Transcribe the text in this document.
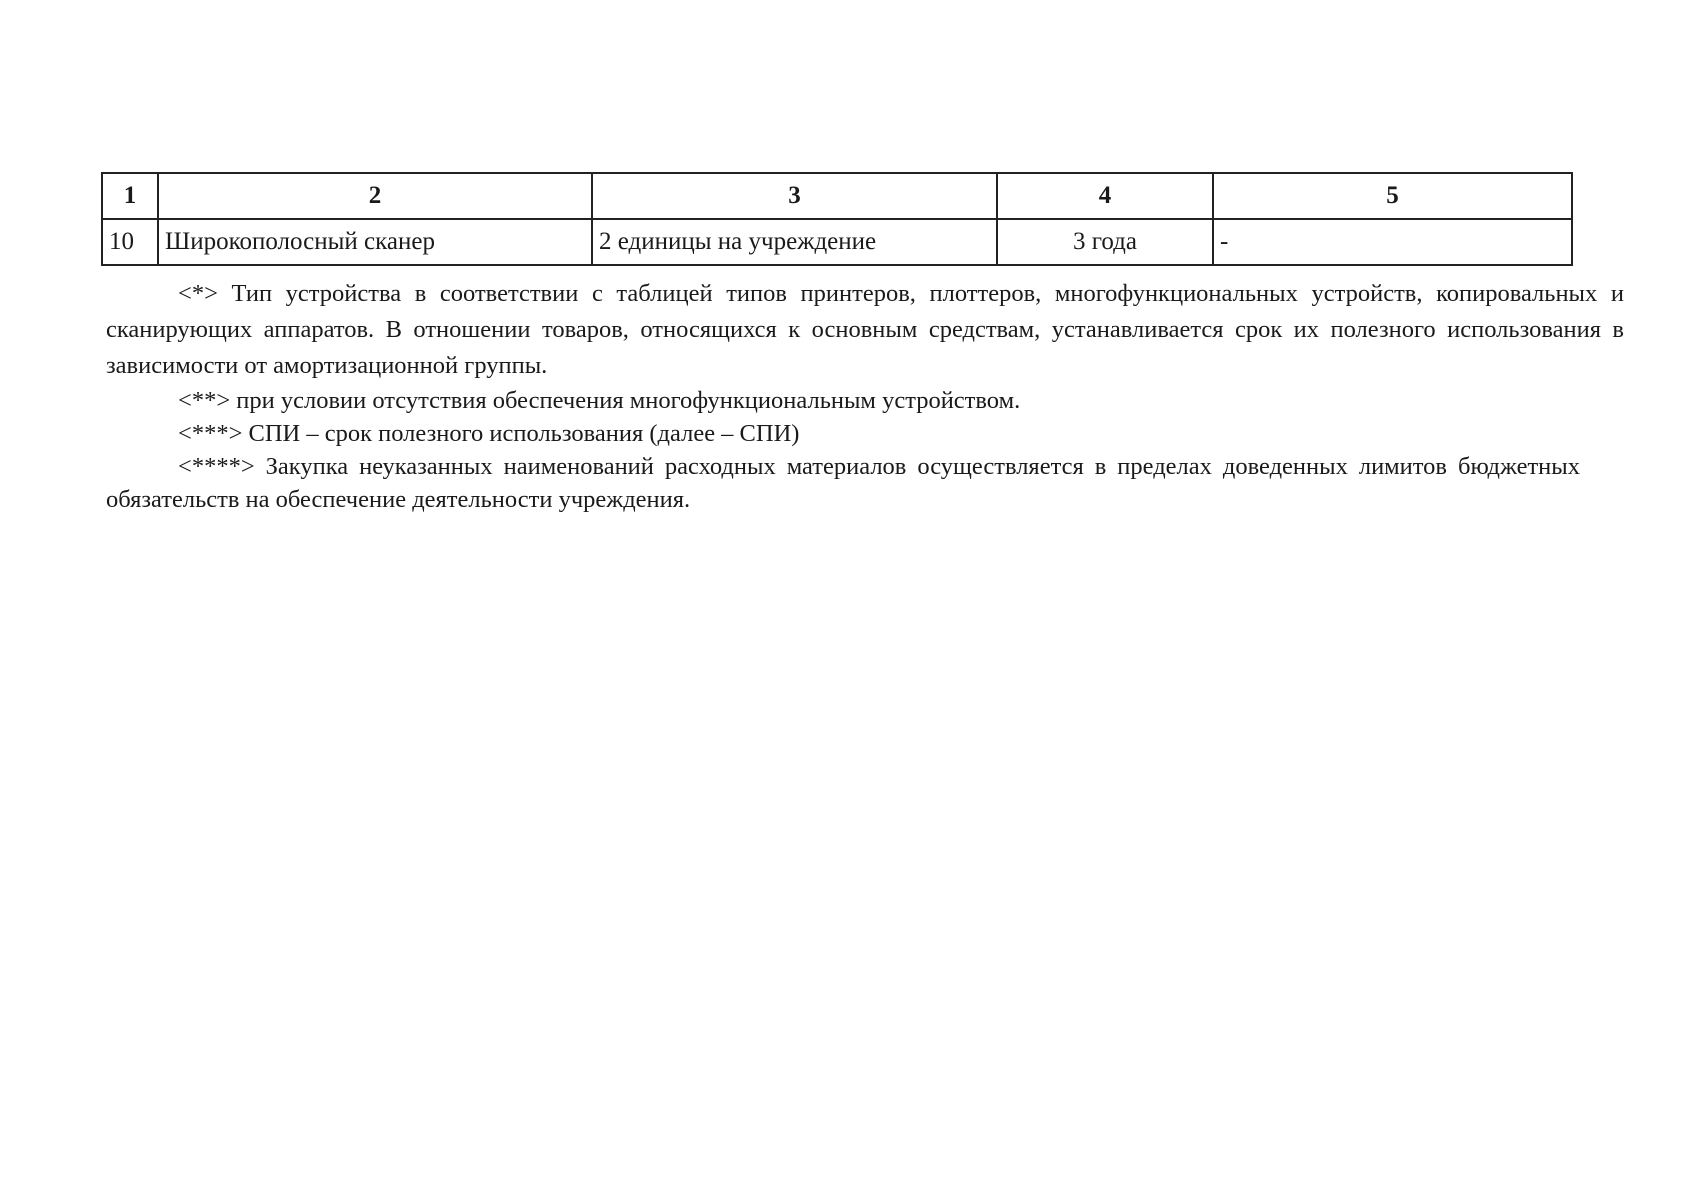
1	2	3	4	5
10	Широкополосный сканер	2 единицы на учреждение	3 года	-

<*> Тип устройства в соответствии с таблицей типов принтеров, плоттеров, многофункциональных устройств, копировальных и сканирующих аппаратов. В отношении товаров, относящихся к основным средствам, устанавливается срок их полезного использования в зависимости от амортизационной группы.

<**> при условии отсутствия обеспечения многофункциональным устройством.

<***> СПИ – срок полезного использования (далее – СПИ)

<****> Закупка неуказанных наименований расходных материалов осуществляется в пределах доведенных лимитов бюджетных обязательств на обеспечение деятельности учреждения.
